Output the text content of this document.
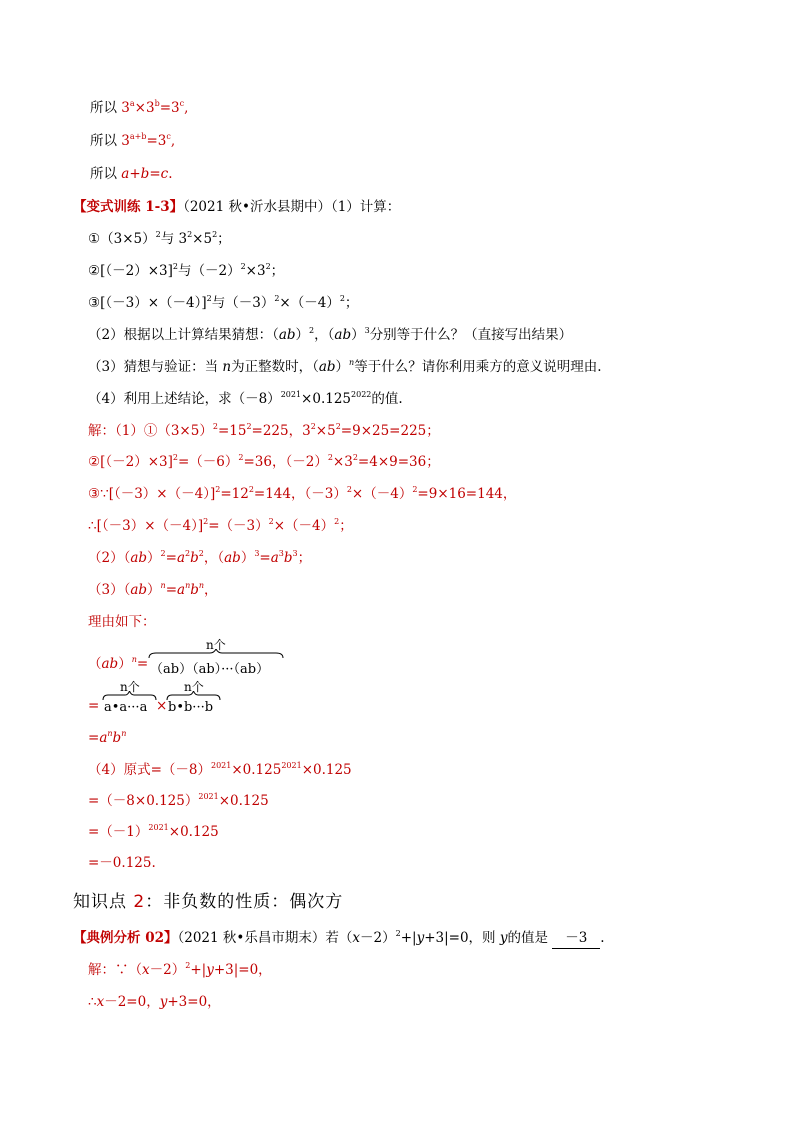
所以 $3^a\times 3^b=3^c$,
所以 $3^{a+b}=3^c$,
所以 a+b=c.
【变式训练 1-3】（2021 秋•沂水县期中）（1）计算：
$①(3\times 5)^2$与 $3^2\times 5^2$；
$②[(-2)\times 3]^2$与$(-2)^2\times 3^2$；
$③[(-3)\times(-4)]^2$与$(-3)^2\times(-4)^2$；
（2）根据以上计算结果猜想：（ab）$^2$，（ab）$^3$分别等于什么？（直接写出结果）
（3）猜想与验证：当 n为正整数时，（ab）$^n$等于什么？请你利用乘方的意义说明理由.
（4）利用上述结论，求$(-8)^{2021}\times 0.125^{2022}$的值.
解：$(1)①(3\times 5)^2=15^2=225$，$3^2\times 5^2=9\times 25=225$；
$②[(-2)\times 3]^2=(-6)^2=36$，$(-2)^2\times 3^2=4\times 9=36$；
$③\because[(-3)\times(-4)]^2=12^2=144$，$(-3)^2\times(-4)^2=9\times 16=144$，
$\therefore[(-3)\times(-4)]^2=(-3)^2\times(-4)^2$；
$(2)(ab)^2=a^2b^2$，$(ab)^3=a^3b^3$；
$(3)(ab)^n=a^nb^n$，
理由如下：
（ab）$^n$=
n个
（ab）（ab）···（ab）
=
n个
a•a···a ×
n个
b•b···b
$=a^nb^n$
（4）原式$=(-8)^{2021}\times 0.125^{2021}\times 0.125$
$=(-8\times 0.125)^{2021}\times 0.125$
$=(-1)^{2021}\times 0.125$
=－0.125.
知识点 2：非负数的性质：偶次方
【典例分析 02】（2021 秋•乐昌市期末）若$(x-2)^2+|y+3|=0$，则 y的值是 －3 .
解：$\because(x-2)^2+|y+3|=0$，
∴x－2=0，y+3=0，
